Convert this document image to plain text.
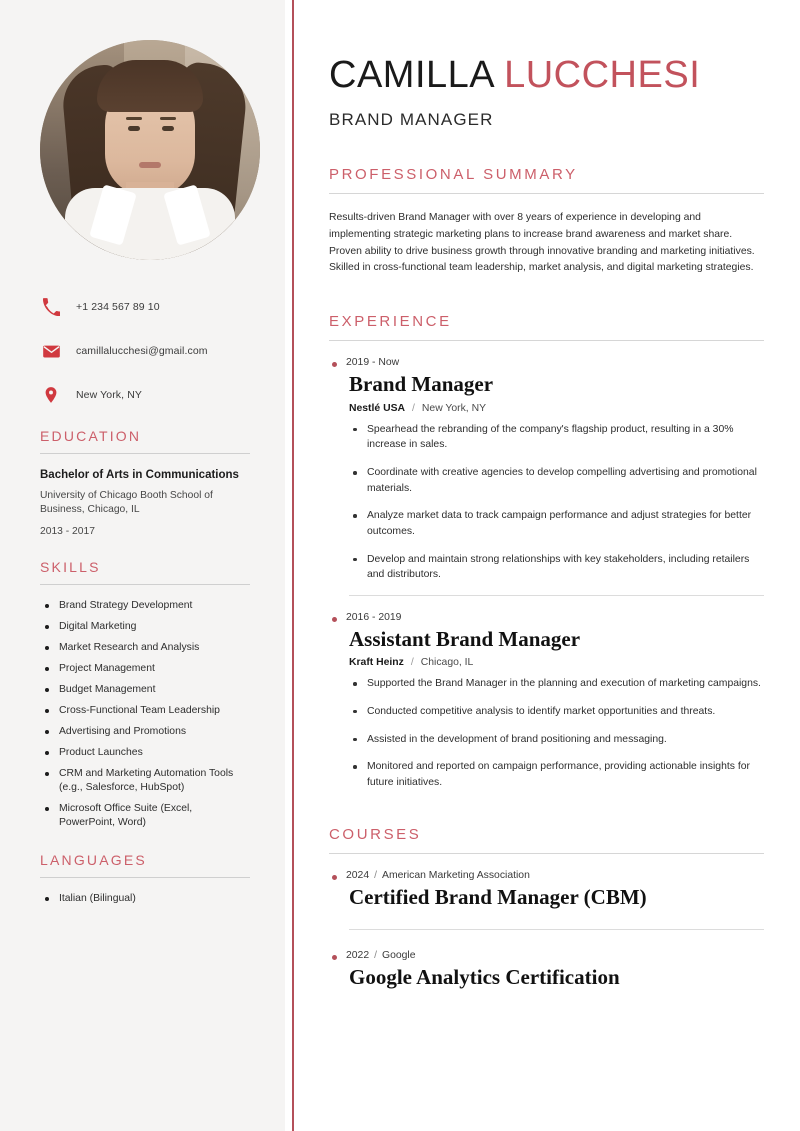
+1 234 567 89 10
camillalucchesi@gmail.com
New York, NY
EDUCATION
Bachelor of Arts in Communications
University of Chicago Booth School of Business, Chicago, IL
2013 - 2017
SKILLS
Brand Strategy Development
Digital Marketing
Market Research and Analysis
Project Management
Budget Management
Cross-Functional Team Leadership
Advertising and Promotions
Product Launches
CRM and Marketing Automation Tools (e.g., Salesforce, HubSpot)
Microsoft Office Suite (Excel, PowerPoint, Word)
LANGUAGES
Italian (Bilingual)
CAMILLA LUCCHESI
BRAND MANAGER
PROFESSIONAL SUMMARY

Results-driven Brand Manager with over 8 years of experience in developing and implementing strategic marketing plans to increase brand awareness and market share. Proven ability to drive business growth through innovative branding and marketing initiatives. Skilled in cross-functional team leadership, market analysis, and digital marketing strategies.

EXPERIENCE
2019 - Now
Brand Manager
Nestlé USA / New York, NY
Spearhead the rebranding of the company's flagship product, resulting in a 30% increase in sales.
Coordinate with creative agencies to develop compelling advertising and promotional materials.
Analyze market data to track campaign performance and adjust strategies for better outcomes.
Develop and maintain strong relationships with key stakeholders, including retailers and distributors.
2016 - 2019
Assistant Brand Manager
Kraft Heinz / Chicago, IL
Supported the Brand Manager in the planning and execution of marketing campaigns.
Conducted competitive analysis to identify market opportunities and threats.
Assisted in the development of brand positioning and messaging.
Monitored and reported on campaign performance, providing actionable insights for future initiatives.
COURSES
2024 / American Marketing Association
Certified Brand Manager (CBM)
2022 / Google
Google Analytics Certification
